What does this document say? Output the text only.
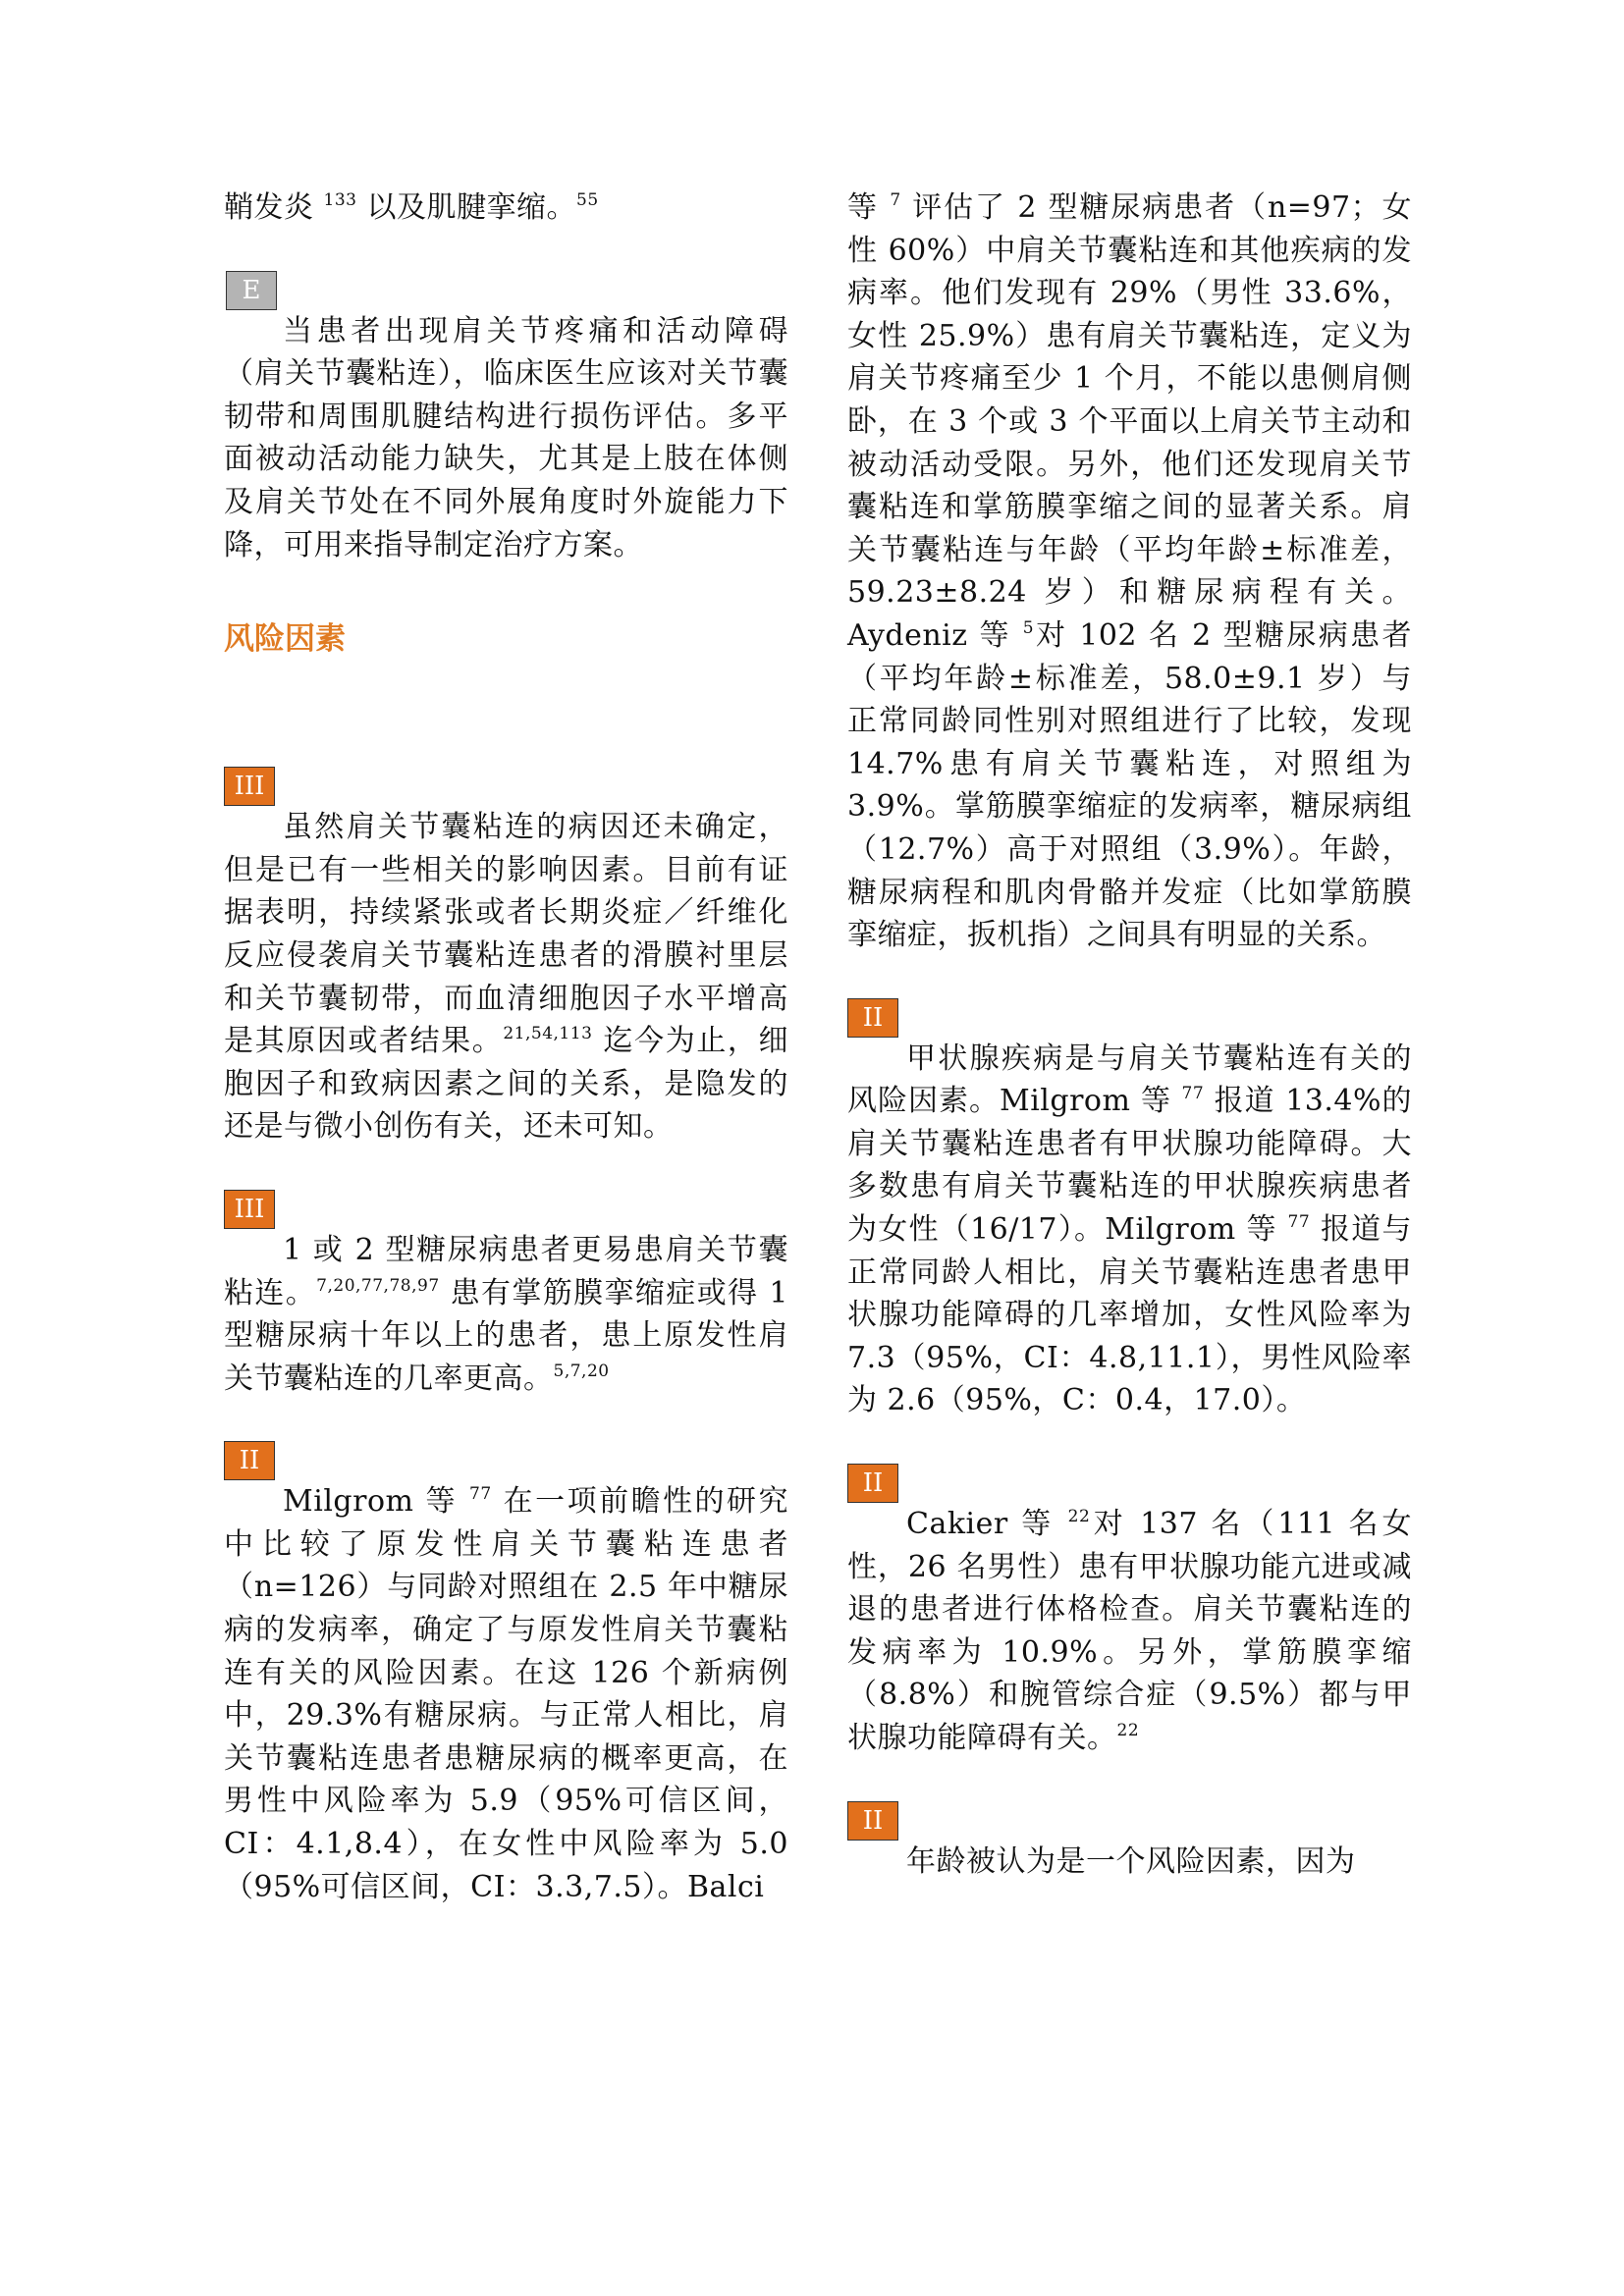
鞘发炎 $^{133}$ 以及肌腱挛缩。$^{55}$

E

当患者出现肩关节疼痛和活动障碍（肩关节囊粘连），临床医生应该对关节囊韧带和周围肌腱结构进行损伤评估。多平面被动活动能力缺失，尤其是上肢在体侧及肩关节处在不同外展角度时外旋能力下降，可用来指导制定治疗方案。

风险因素
III

虽然肩关节囊粘连的病因还未确定，但是已有一些相关的影响因素。目前有证据表明，持续紧张或者长期炎症／纤维化反应侵袭肩关节囊粘连患者的滑膜衬里层和关节囊韧带，而血清细胞因子水平增高是其原因或者结果。$^{21,54,113}$ 迄今为止，细胞因子和致病因素之间的关系，是隐发的还是与微小创伤有关，还未可知。

III

1 或 2 型糖尿病患者更易患肩关节囊粘连。$^{7,20,77,78,97}$ 患有掌筋膜挛缩症或得 1 型糖尿病十年以上的患者，患上原发性肩关节囊粘连的几率更高。$^{5,7,20}$

II

Milgrom 等 $^{77}$ 在一项前瞻性的研究中比较了原发性肩关节囊粘连患者（n=126）与同龄对照组在 2.5 年中糖尿病的发病率，确定了与原发性肩关节囊粘连有关的风险因素。在这 126 个新病例中，29.3%有糖尿病。与正常人相比，肩关节囊粘连患者患糖尿病的概率更高，在男性中风险率为 5.9（95%可信区间，CI：4.1,8.4），在女性中风险率为 5.0（95%可信区间，CI：3.3,7.5）。Balci

等 $^7$ 评估了 2 型糖尿病患者（n=97；女性 60%）中肩关节囊粘连和其他疾病的发病率。他们发现有 29%（男性 33.6%，女性 25.9%）患有肩关节囊粘连，定义为肩关节疼痛至少 1 个月，不能以患侧肩侧卧，在 3 个或 3 个平面以上肩关节主动和被动活动受限。另外，他们还发现肩关节囊粘连和掌筋膜挛缩之间的显著关系。肩关节囊粘连与年龄（平均年龄±标准差，59.23±8.24 岁）和糖尿病程有关。Aydeniz 等 $^5$对 102 名 2 型糖尿病患者（平均年龄±标准差，58.0±9.1 岁）与正常同龄同性别对照组进行了比较，发现 14.7%患有肩关节囊粘连，对照组为 3.9%。掌筋膜挛缩症的发病率，糖尿病组（12.7%）高于对照组（3.9%）。年龄，糖尿病程和肌肉骨骼并发症（比如掌筋膜挛缩症，扳机指）之间具有明显的关系。

II

甲状腺疾病是与肩关节囊粘连有关的风险因素。Milgrom 等 $^{77}$ 报道 13.4%的肩关节囊粘连患者有甲状腺功能障碍。大多数患有肩关节囊粘连的甲状腺疾病患者为女性（16/17）。Milgrom 等 $^{77}$ 报道与正常同龄人相比，肩关节囊粘连患者患甲状腺功能障碍的几率增加，女性风险率为 7.3（95%，CI：4.8,11.1），男性风险率为 2.6（95%，C：0.4，17.0）。

II

Cakier 等 $^{22}$对 137 名（111 名女性，26 名男性）患有甲状腺功能亢进或减退的患者进行体格检查。肩关节囊粘连的发病率为 10.9%。另外，掌筋膜挛缩（8.8%）和腕管综合症（9.5%）都与甲状腺功能障碍有关。$^{22}$

II

年龄被认为是一个风险因素，因为
